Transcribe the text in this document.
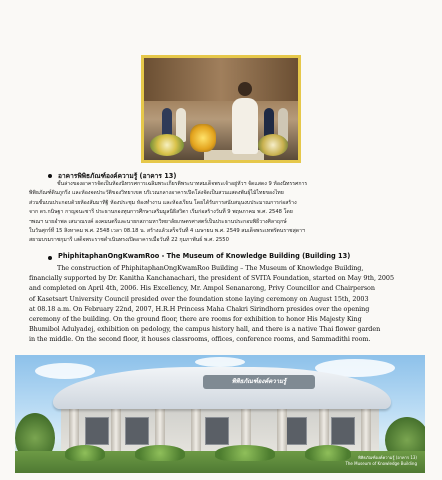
อาคารพิพิธภัณฑ์องค์ความรู้ (อาคาร 13)
ชั้นล่างของอาคารจัดเป็นห้องนิทรรศการเฉลิมพระเกียรติพระบาทสมเด็จพระเจ้าอยู่หัวฯ จัดแสดง 9 ห้องนิทรรศการ
พิพิธภัณฑ์ดินภูกริ่ง และห้องจดประวัติของวิทยาเขต บริเวณกลางอาคารเปิดโล่งจัดเป็นสวนแสดงพันธุ์ไม้ไทยของไทย
ส่วนชั้นบนประกอบด้วยห้องสัมมาทิฐิ ห้องประชุม ห้องทำงาน และห้องเรียน โดยได้รับการสนับสนุนงบประมาณการก่อสร้าง
จาก ดร.กนิษฐา กาญจนะชารี ประธานกองทุนการศึกษาเสริมมูลนิธิสวิตา เริ่มก่อสร้างวันที่ 9 พฤษภาคม พ.ศ. 2548 โดย
ฯพณฯ นายอำพล เสนาณรงค์ องคมนตรีและนายกสภามหาวิทยาลัยเกษตรศาสตร์เป็นประธานประกอบพิธีวางศิลาฤกษ์
ในวันศุกร์ที่ 15 สิงหาคม พ.ศ. 2548 เวลา 08.18 น. สร้างแล้วเสร็จวันที่ 4 เมษายน พ.ศ. 2549 สมเด็จพระเทพรัตนราชสุดาฯ
สยามบรมราชกุมารี เสด็จพระราชดำเนินทรงเปิดอาคารเมื่อวันที่ 22 กุมภาพันธ์ พ.ศ. 2550
PhiphitaphanOngKwamRoo - The Museum of Knowledge Building (Building 13)
The construction of PhiphitaphanOngKwamRoo Building – The Museum of Knowledge Building,
financially supported by Dr. Kanitha Kanchanachari, the president of SVITA Foundation, started on May 9th, 2005
and completed on April 4th, 2006. His Excellency, Mr. Ampol Senanarong, Privy Councillor and Chairperson
of Kasetsart University Council presided over the foundation stone laying ceremony on August 15th, 2003
at 08.18 a.m. On February 22nd, 2007, H.R.H Princess Maha Chakri Sirindhorn presides over the opening
ceremony of the building. On the ground floor, there are rooms for exhibition to honor His Majesty King
Bhumibol Adulyadej, exhibition on pedology, the campus history hall, and there is a native Thai flower garden
in the middle. On the second floor, it houses classrooms, offices, conference rooms, and Sammadithi room.
พิพิธภัณฑ์องค์ความรู้
พิพิธภัณฑ์องค์ความรู้ (อาคาร 13)
The Museum of Knowledge Building
